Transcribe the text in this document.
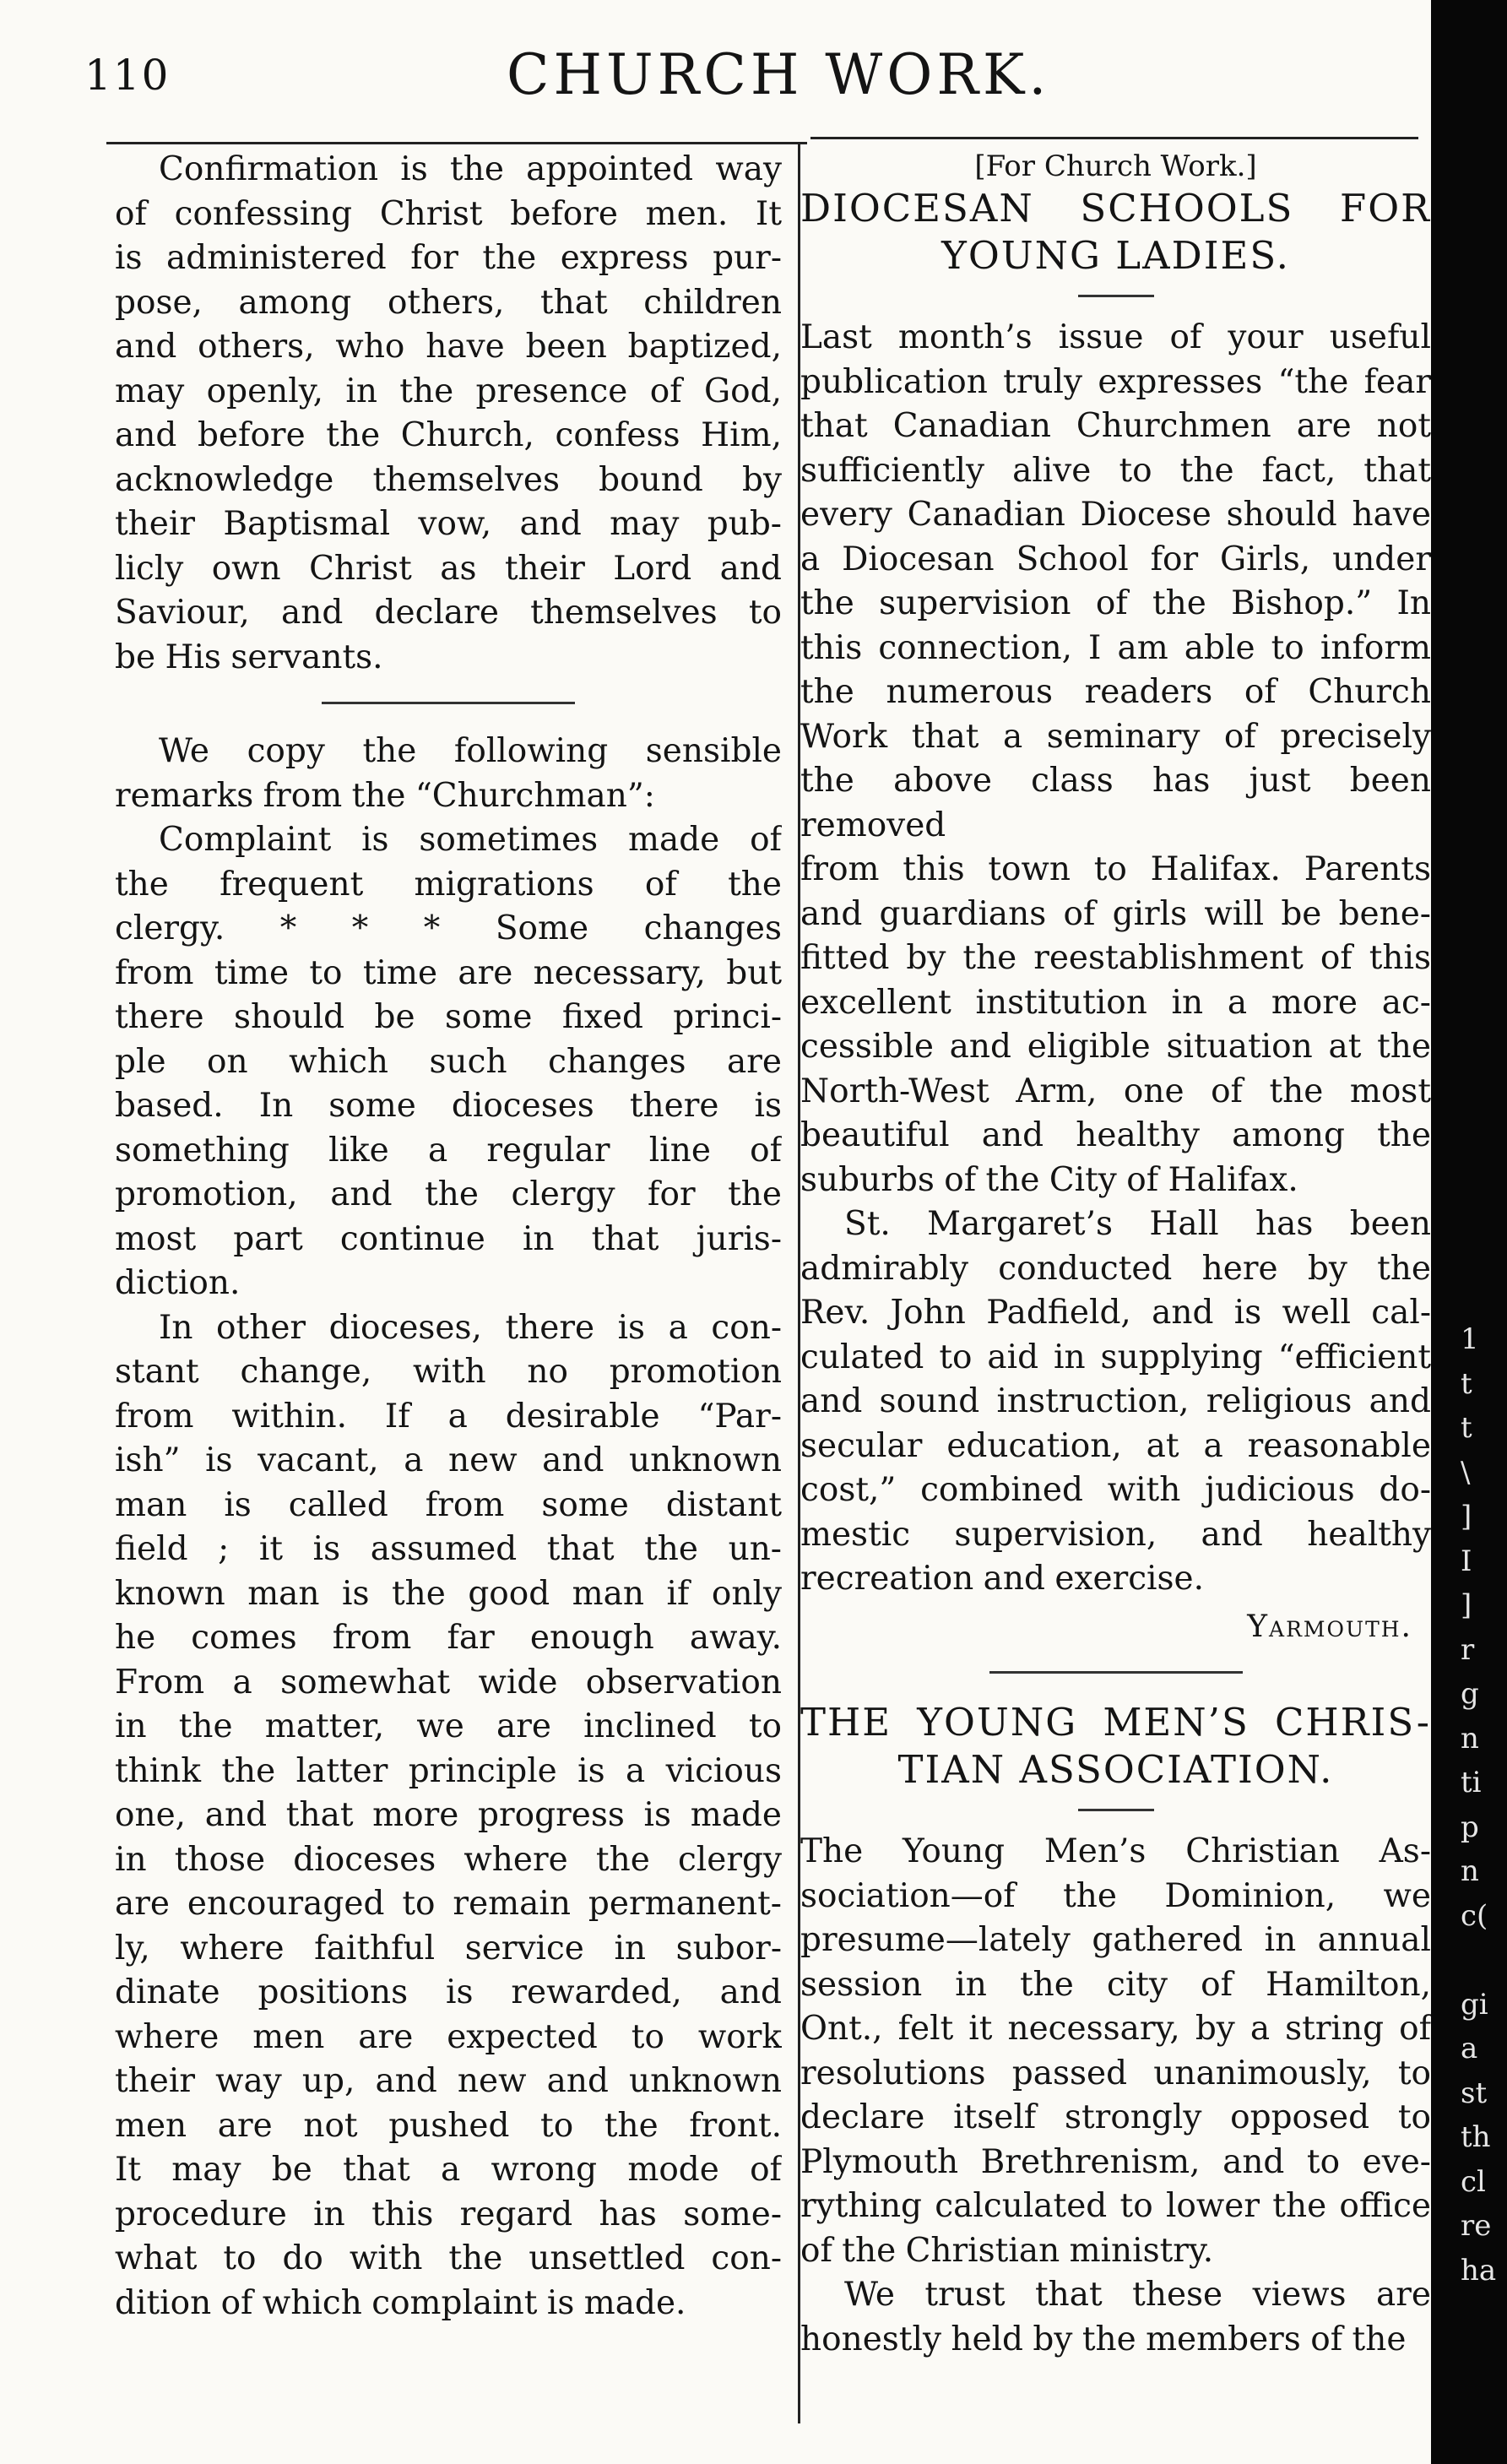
110	CHURCH WORK.

Confirmation is the appointed way

of confessing Christ before men. It

is administered for the express pur-

pose, among others, that children

and others, who have been baptized,

may openly, in the presence of God,

and before the Church, confess Him,

acknowledge themselves bound by

their Baptismal vow, and may pub-

licly own Christ as their Lord and

Saviour, and declare themselves to

be His servants.

We copy the following sensible

remarks from the “Churchman”:

Complaint is sometimes made of

the frequent migrations of the

clergy. * * * Some changes

from time to time are necessary, but

there should be some fixed princi-

ple on which such changes are

based. In some dioceses there is

something like a regular line of

promotion, and the clergy for the

most part continue in that juris-

diction.

In other dioceses, there is a con-

stant change, with no promotion

from within. If a desirable “Par-

ish” is vacant, a new and unknown

man is called from some distant

field ; it is assumed that the un-

known man is the good man if only

he comes from far enough away.

From a somewhat wide observation

in the matter, we are inclined to

think the latter principle is a vicious

one, and that more progress is made

in those dioceses where the clergy

are encouraged to remain permanent-

ly, where faithful service in subor-

dinate positions is rewarded, and

where men are expected to work

their way up, and new and unknown

men are not pushed to the front.

It may be that a wrong mode of

procedure in this regard has some-

what to do with the unsettled con-

dition of which complaint is made.

[For Church Work.]

DIOCESAN SCHOOLS FOR
YOUNG LADIES.

Last month’s issue of your useful

publication truly expresses “the fear

that Canadian Churchmen are not

sufficiently alive to the fact, that

every Canadian Diocese should have

a Diocesan School for Girls, under

the supervision of the Bishop.” In

this connection, I am able to inform

the numerous readers of Church

Work that a seminary of precisely

the above class has just been removed

from this town to Halifax. Parents

and guardians of girls will be bene-

fitted by the reestablishment of this

excellent institution in a more ac-

cessible and eligible situation at the

North-West Arm, one of the most

beautiful and healthy among the

suburbs of the City of Halifax.

St. Margaret’s Hall has been

admirably conducted here by the

Rev. John Padfield, and is well cal-

culated to aid in supplying “efficient

and sound instruction, religious and

secular education, at a reasonable

cost,” combined with judicious do-

mestic supervision, and healthy

recreation and exercise.

Yarmouth.

THE YOUNG MEN’S CHRIS-
TIAN ASSOCIATION.

The Young Men’s Christian As-

sociation—of the Dominion, we

presume—lately gathered in annual

session in the city of Hamilton,

Ont., felt it necessary, by a string of

resolutions passed unanimously, to

declare itself strongly opposed to

Plymouth Brethrenism, and to eve-

rything calculated to lower the office

of the Christian ministry.

We trust that these views are

honestly held by the members of the

1
t
t
\
]
I
]
r
g
n
ti
p
n
c(
gi
a
st
th
cl
re
ha
